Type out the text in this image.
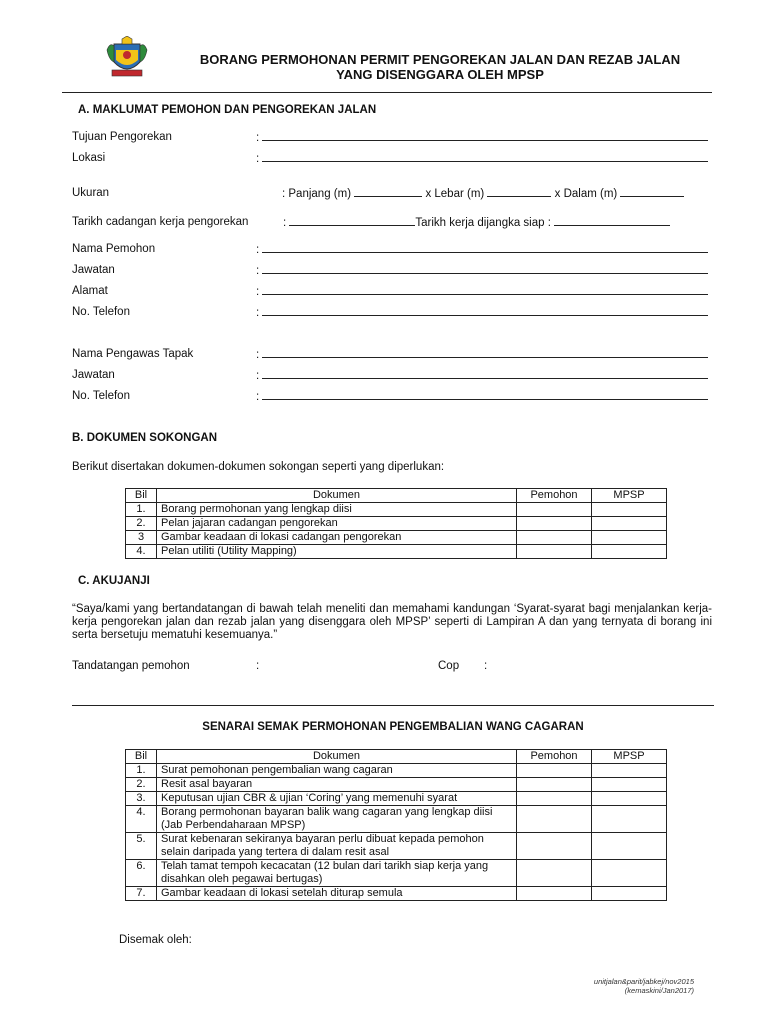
BORANG PERMOHONAN PERMIT PENGOREKAN JALAN DAN REZAB JALAN
YANG DISENGGARA OLEH MPSP
A. MAKLUMAT PEMOHON DAN PENGOREKAN JALAN
Tujuan Pengorekan	:
Lokasi	:
Ukuran	: Panjang (m)	x Lebar (m)	x Dalam (m)
Tarikh cadangan kerja pengorekan	:	Tarikh kerja dijangka siap :
Nama Pemohon	:
Jawatan	:
Alamat	:
No. Telefon	:
Nama Pengawas Tapak	:
Jawatan	:
No. Telefon	:
B. DOKUMEN SOKONGAN
Berikut disertakan dokumen-dokumen sokongan seperti yang diperlukan:
Bil	Dokumen	Pemohon	MPSP
1.	Borang permohonan yang lengkap diisi		
2.	Pelan jajaran cadangan pengorekan		
3	Gambar keadaan di lokasi cadangan pengorekan		
4.	Pelan utiliti (Utility Mapping)		
C. AKUJANJI
“Saya/kami yang bertandatangan di bawah telah meneliti dan memahami kandungan ‘Syarat-syarat bagi menjalankan kerja-kerja pengorekan jalan dan rezab jalan yang disenggara oleh MPSP’ seperti di Lampiran A dan yang ternyata di borang ini serta bersetuju mematuhi kesemuanya.”
Tandatangan pemohon	:	Cop :
SENARAI SEMAK PERMOHONAN PENGEMBALIAN WANG CAGARAN
Bil	Dokumen	Pemohon	MPSP
1.	Surat pemohonan pengembalian wang cagaran		
2.	Resit asal bayaran		
3.	Keputusan ujian CBR & ujian ‘Coring’ yang memenuhi syarat		
4.	Borang permohonan bayaran balik wang cagaran yang lengkap diisi (Jab Perbendaharaan MPSP)		
5.	Surat kebenaran sekiranya bayaran perlu dibuat kepada pemohon selain daripada yang tertera di dalam resit asal		
6.	Telah tamat tempoh kecacatan (12 bulan dari tarikh siap kerja yang disahkan oleh pegawai bertugas)		
7.	Gambar keadaan di lokasi setelah diturap semula		
Disemak oleh:
unitjalan&parit/jabkej/nov2015
(kemaskini/Jan2017)
